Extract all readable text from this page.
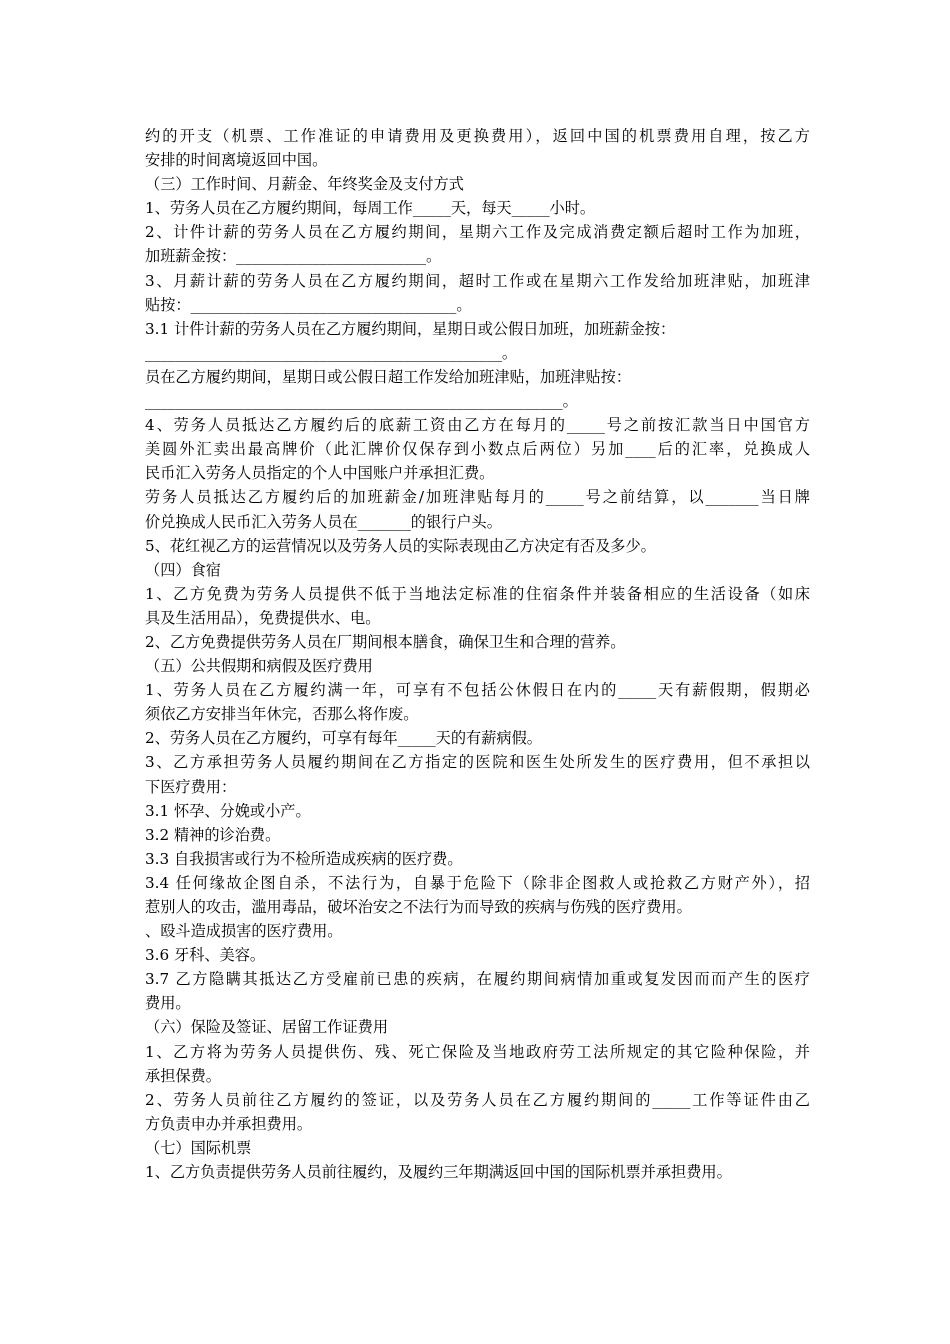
约的开支（机票、工作准证的申请费用及更换费用），返回中国的机票费用自理，按乙方
安排的时间离境返回中国。
（三）工作时间、月薪金、年终奖金及支付方式
1、劳务人员在乙方履约期间，每周工作_____天，每天_____小时。
2、计件计薪的劳务人员在乙方履约期间，星期六工作及完成消费定额后超时工作为加班，
加班薪金按：_________________________。
3、月薪计薪的劳务人员在乙方履约期间，超时工作或在星期六工作发给加班津贴，加班津
贴按：___________________________________。
3.1 计件计薪的劳务人员在乙方履约期间，星期日或公假日加班，加班薪金按：
_______________________________________________。
员在乙方履约期间，星期日或公假日超工作发给加班津贴，加班津贴按：
_______________________________________________________。
4、劳务人员抵达乙方履约后的底薪工资由乙方在每月的_____号之前按汇款当日中国官方
美圆外汇卖出最高牌价（此汇牌价仅保存到小数点后两位）另加____后的汇率，兑换成人
民币汇入劳务人员指定的个人中国账户并承担汇费。
劳务人员抵达乙方履约后的加班薪金/加班津贴每月的_____号之前结算，以_______当日牌
价兑换成人民币汇入劳务人员在_______的银行户头。
5、花红视乙方的运营情况以及劳务人员的实际表现由乙方决定有否及多少。
（四）食宿
1、乙方免费为劳务人员提供不低于当地法定标准的住宿条件并装备相应的生活设备（如床
具及生活用品），免费提供水、电。
2、乙方免费提供劳务人员在厂期间根本膳食，确保卫生和合理的营养。
（五）公共假期和病假及医疗费用
1、劳务人员在乙方履约满一年，可享有不包括公休假日在内的_____天有薪假期，假期必
须依乙方安排当年休完，否那么将作废。
2、劳务人员在乙方履约，可享有每年_____天的有薪病假。
3、乙方承担劳务人员履约期间在乙方指定的医院和医生处所发生的医疗费用，但不承担以
下医疗费用：
3.1 怀孕、分娩或小产。
3.2 精神的诊治费。
3.3 自我损害或行为不检所造成疾病的医疗费。
3.4 任何缘故企图自杀，不法行为，自暴于危险下（除非企图救人或抢救乙方财产外），招
惹别人的攻击，滥用毒品，破坏治安之不法行为而导致的疾病与伤残的医疗费用。
、殴斗造成损害的医疗费用。
3.6 牙科、美容。
3.7 乙方隐瞒其抵达乙方受雇前已患的疾病，在履约期间病情加重或复发因而而产生的医疗
费用。
（六）保险及签证、居留工作证费用
1、乙方将为劳务人员提供伤、残、死亡保险及当地政府劳工法所规定的其它险种保险，并
承担保费。
2、劳务人员前往乙方履约的签证，以及劳务人员在乙方履约期间的_____工作等证件由乙
方负责申办并承担费用。
（七）国际机票
1、乙方负责提供劳务人员前往履约，及履约三年期满返回中国的国际机票并承担费用。
